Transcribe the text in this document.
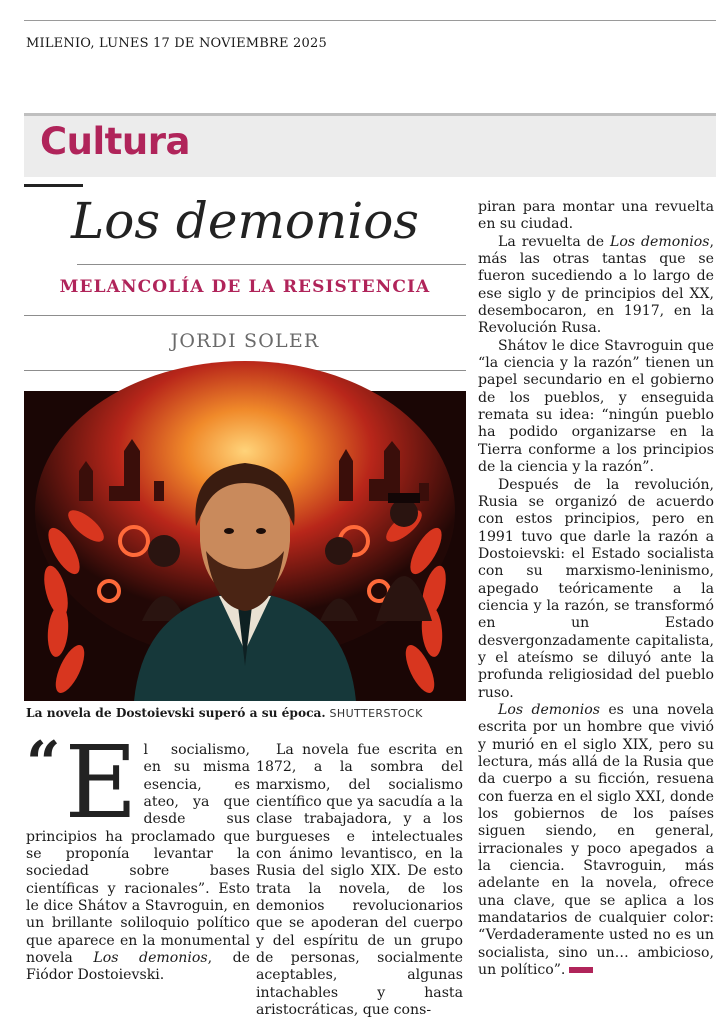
MILENIO, LUNES 17 DE NOVIEMBRE 2025
Cultura
Los demonios
MELANCOLÍA DE LA RESISTENCIA
JORDI SOLER
La novela de Dostoievski superó a su época. SHUTTERSTOCK
“ E l socialismo, en su misma esencia, es ateo, ya que desde sus principios ha proclamado que se proponía levantar la sociedad sobre bases científicas y racionales”. Esto le dice Shátov a Stavroguin, en un brillante soliloquio político que aparece en la monumental novela Los demonios, de Fiódor Dostoievski.

La novela fue escrita en 1872, a la sombra del marxismo, del socialismo científico que ya sacudía a la clase trabajadora, y a los burgueses e intelectuales con ánimo levantisco, en la Rusia del siglo XIX. De esto trata la novela, de los demonios revolucionarios que se apoderan del cuerpo y del espíritu de un grupo de personas, socialmente aceptables, algunas intachables y hasta aristocráticas, que cons-

piran para montar una revuelta en su ciudad.

La revuelta de Los demonios, más las otras tantas que se fueron sucediendo a lo largo de ese siglo y de principios del XX, desembocaron, en 1917, en la Revolución Rusa.

Shátov le dice Stavroguin que “la ciencia y la razón” tienen un papel secundario en el gobierno de los pueblos, y enseguida remata su idea: “ningún pueblo ha podido organizarse en la Tierra conforme a los principios de la ciencia y la razón”.

Después de la revolución, Rusia se organizó de acuerdo con estos principios, pero en 1991 tuvo que darle la razón a Dostoievski: el Estado socialista con su marxismo-leninismo, apegado teóricamente a la ciencia y la razón, se transformó en un Estado desvergonzadamente capitalista, y el ateísmo se diluyó ante la profunda religiosidad del pueblo ruso.

Los demonios es una novela escrita por un hombre que vivió y murió en el siglo XIX, pero su lectura, más allá de la Rusia que da cuerpo a su ficción, resuena con fuerza en el siglo XXI, donde los gobiernos de los países siguen siendo, en general, irracionales y poco apegados a la ciencia. Stavroguin, más adelante en la novela, ofrece una clave, que se aplica a los mandatarios de cualquier color: “Verdaderamente usted no es un socialista, sino un… ambicioso, un político”.
